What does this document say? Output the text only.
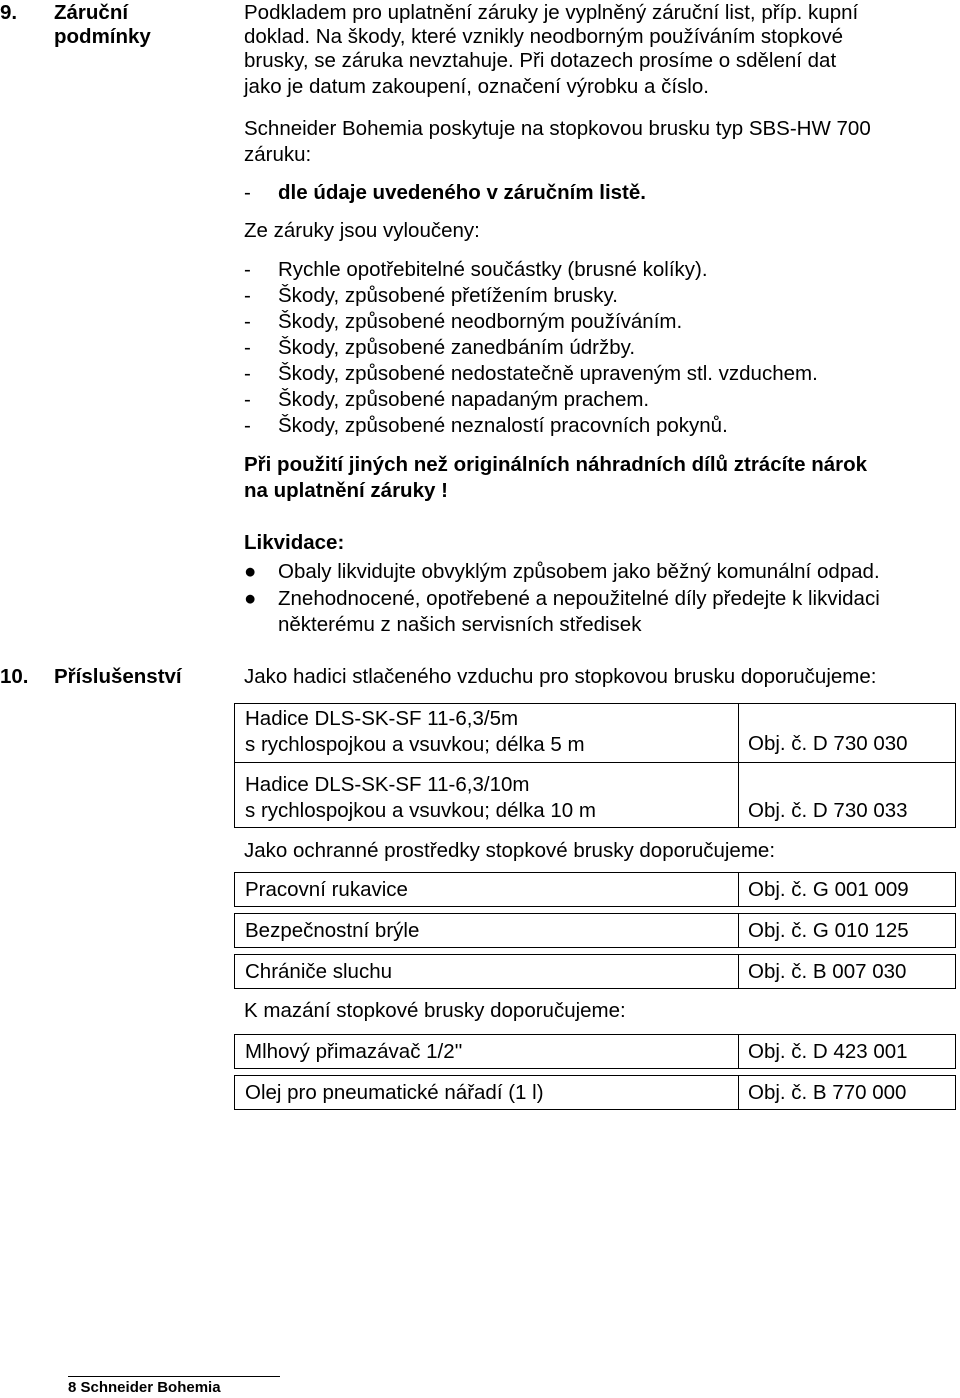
9. Záruční
podmínky
Podkladem pro uplatnění záruky je vyplněný záruční list, příp. kupní
doklad. Na škody, které vznikly neodborným používáním stopkové
brusky, se záruka nevztahuje. Při dotazech prosíme o sdělení dat
jako je datum zakoupení, označení výrobku a číslo.
Schneider Bohemia poskytuje na stopkovou brusku typ SBS-HW 700
záruku:
- dle údaje uvedeného v záručním listě.
Ze záruky jsou vyloučeny:
- Rychle opotřebitelné součástky (brusné kolíky).
- Škody, způsobené přetížením brusky.
- Škody, způsobené neodborným používáním.
- Škody, způsobené zanedbáním údržby.
- Škody, způsobené nedostatečně upraveným stl. vzduchem.
- Škody, způsobené napadaným prachem.
- Škody, způsobené neznalostí pracovních pokynů.
Při použití jiných než originálních náhradních dílů ztrácíte nárok
na uplatnění záruky !
Likvidace:
● Obaly likvidujte obvyklým způsobem jako běžný komunální odpad.
● Znehodnocené, opotřebené a nepoužitelné díly předejte k likvidaci
některému z našich servisních středisek
10. Příslušenství	Jako hadici stlačeného vzduchu pro stopkovou brusku doporučujeme:
Hadice DLS-SK-SF 11-6,3/5m
s rychlospojkou a vsuvkou; délka 5 m	Obj. č. D 730 030
Hadice DLS-SK-SF 11-6,3/10m
s rychlospojkou a vsuvkou; délka 10 m	Obj. č. D 730 033
Jako ochranné prostředky stopkové brusky doporučujeme:
Pracovní rukavice	Obj. č. G 001 009
Bezpečnostní brýle	Obj. č. G 010 125
Chrániče sluchu	Obj. č. B 007 030
K mazání stopkové brusky doporučujeme:
Mlhový přimazávač 1/2''	Obj. č. D 423 001
Olej pro pneumatické nářadí (1 l)	Obj. č. B 770 000
8 Schneider Bohemia
